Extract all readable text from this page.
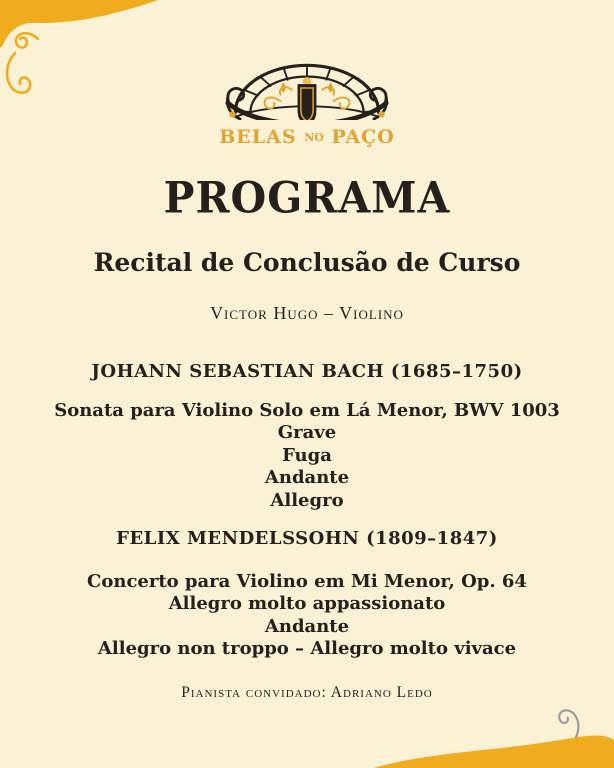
BELAS NO PAÇO
PROGRAMA
Recital de Conclusão de Curso
Victor Hugo – Violino
JOHANN SEBASTIAN BACH (1685–1750)
Sonata para Violino Solo em Lá Menor, BWV 1003
Grave
Fuga
Andante
Allegro
FELIX MENDELSSOHN (1809–1847)
Concerto para Violino em Mi Menor, Op. 64
Allegro molto appassionato
Andante
Allegro non troppo – Allegro molto vivace
Pianista convidado: Adriano Ledo
